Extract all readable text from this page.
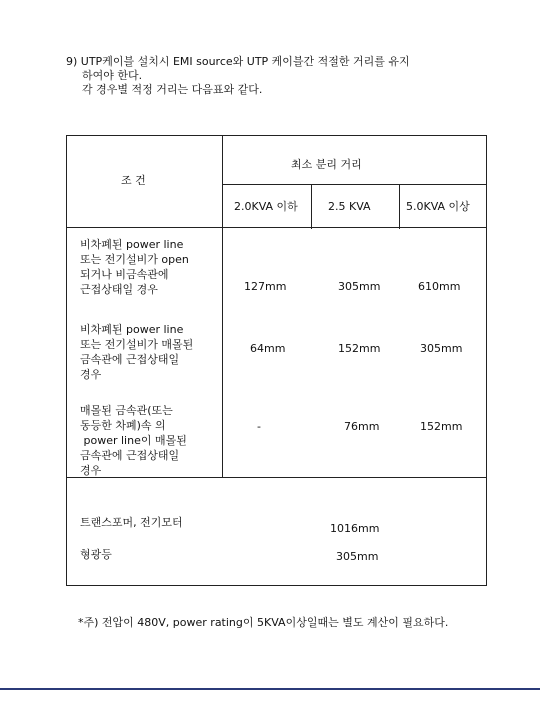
9) UTP케이블 설치시 EMI source와 UTP 케이블간 적절한 거리를 유지
하여야 한다.
각 경우별 적정 거리는 다음표와 같다.
조 건
최소 분리 거리
2.0KVA 이하	2.5 KVA	5.0KVA 이상
비차폐된 power line
또는 전기설비가 open
되거나 비금속관에
근접상태일 경우	127mm	305mm	610mm
비차폐된 power line
또는 전기설비가 매몰된
금속관에 근접상태일
경우
64mm	152mm	305mm
매몰된 금속관(또는
동등한 차폐)속 의
power line이 매몰된
금속관에 근접상태일
경우
-	76mm	152mm
트랜스포머, 전기모터	1016mm
형광등	305mm
*주) 전압이 480V, power rating이 5KVA이상일때는 별도 계산이 필요하다.
